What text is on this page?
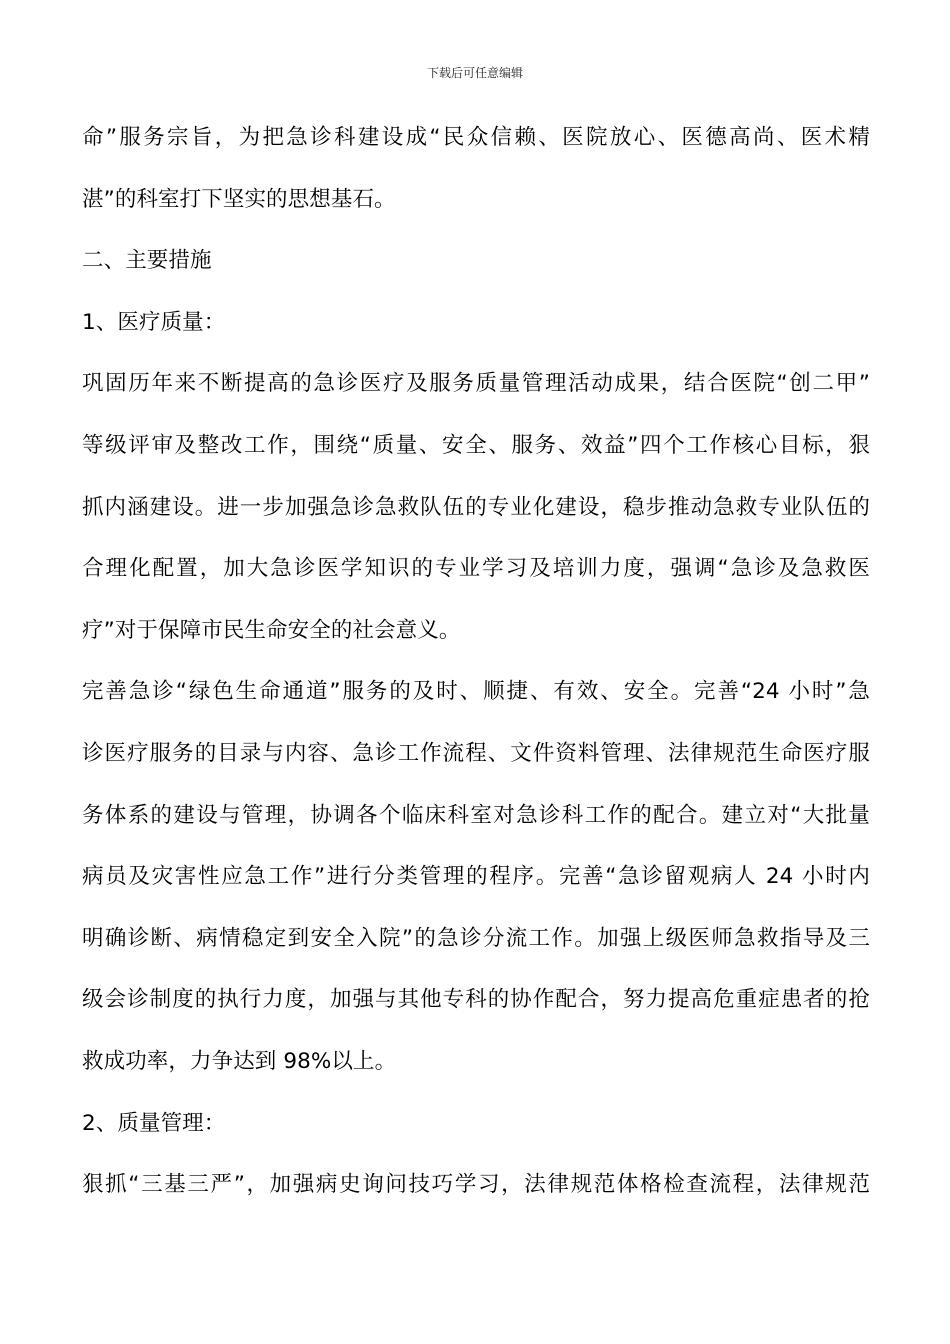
下载后可任意编辑
命”服务宗旨，为把急诊科建设成“民众信赖、医院放心、医德高尚、医术精
湛”的科室打下坚实的思想基石。
二、主要措施
1、医疗质量：
巩固历年来不断提高的急诊医疗及服务质量管理活动成果，结合医院“创二甲”
等级评审及整改工作，围绕“质量、安全、服务、效益”四个工作核心目标，狠
抓内涵建设。进一步加强急诊急救队伍的专业化建设，稳步推动急救专业队伍的
合理化配置，加大急诊医学知识的专业学习及培训力度，强调“急诊及急救医
疗”对于保障市民生命安全的社会意义。
完善急诊“绿色生命通道”服务的及时、顺捷、有效、安全。完善“24 小时”急
诊医疗服务的目录与内容、急诊工作流程、文件资料管理、法律规范生命医疗服
务体系的建设与管理，协调各个临床科室对急诊科工作的配合。建立对“大批量
病员及灾害性应急工作”进行分类管理的程序。完善“急诊留观病人 24 小时内
明确诊断、病情稳定到安全入院”的急诊分流工作。加强上级医师急救指导及三
级会诊制度的执行力度，加强与其他专科的协作配合，努力提高危重症患者的抢
救成功率，力争达到 98%以上。
2、质量管理：
狠抓“三基三严”，加强病史询问技巧学习，法律规范体格检查流程，法律规范
